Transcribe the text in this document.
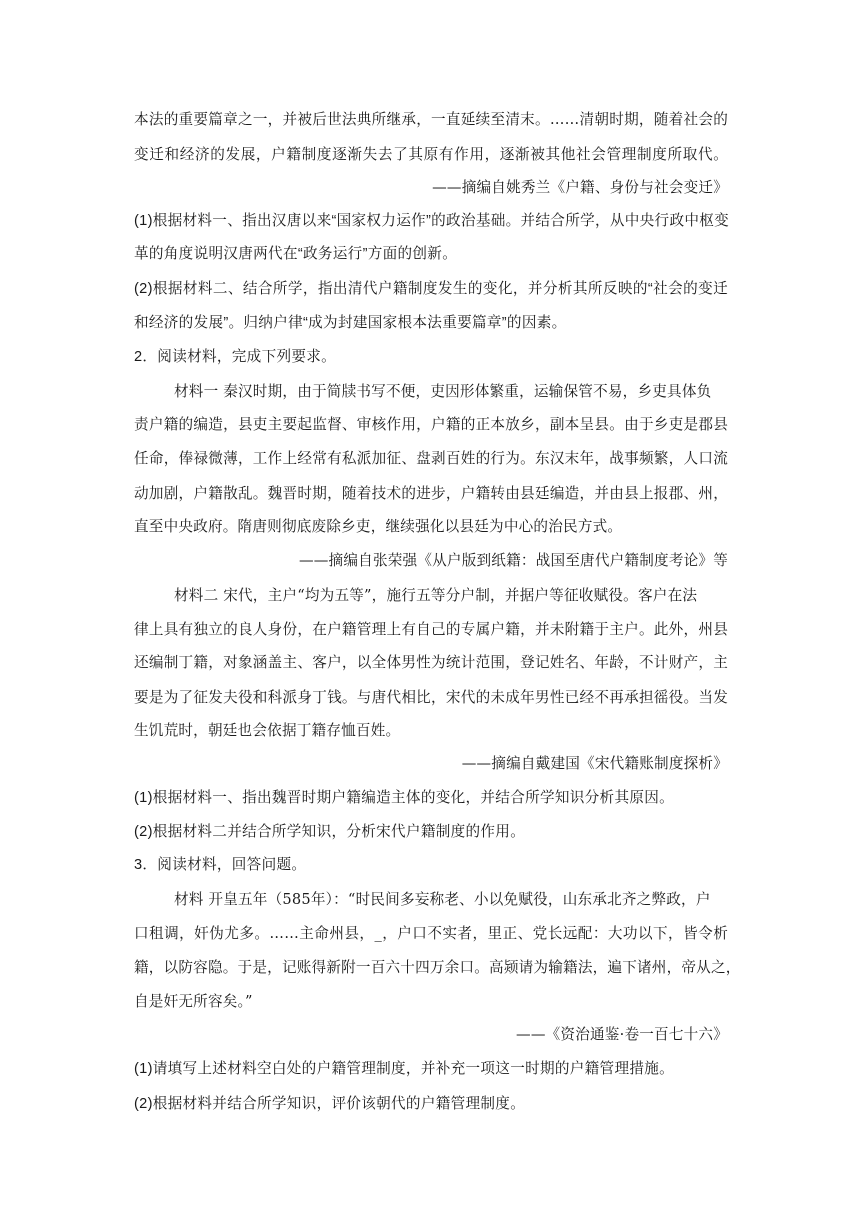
本法的重要篇章之一，并被后世法典所继承，一直延续至清末。……清朝时期，随着社会的
变迁和经济的发展，户籍制度逐渐失去了其原有作用，逐渐被其他社会管理制度所取代。
——摘编自姚秀兰《户籍、身份与社会变迁》
(1)根据材料一、指出汉唐以来“国家权力运作”的政治基础。并结合所学，从中央行政中枢变
革的角度说明汉唐两代在“政务运行”方面的创新。
(2)根据材料二、结合所学，指出清代户籍制度发生的变化，并分析其所反映的“社会的变迁
和经济的发展”。归纳户律“成为封建国家根本法重要篇章”的因素。
2．阅读材料，完成下列要求。
材料一 秦汉时期，由于简牍书写不便，吏因形体繁重，运输保管不易，乡吏具体负
责户籍的编造，县吏主要起监督、审核作用，户籍的正本放乡，副本呈县。由于乡吏是郡县
任命，俸禄微薄，工作上经常有私派加征、盘剥百姓的行为。东汉末年，战事频繁，人口流
动加剧，户籍散乱。魏晋时期，随着技术的进步，户籍转由县廷编造，并由县上报郡、州，
直至中央政府。隋唐则彻底废除乡吏，继续强化以县廷为中心的治民方式。
——摘编自张荣强《从户版到纸籍：战国至唐代户籍制度考论》等
材料二 宋代，主户“均为五等”，施行五等分户制，并据户等征收赋役。客户在法
律上具有独立的良人身份，在户籍管理上有自己的专属户籍，并未附籍于主户。此外，州县
还编制丁籍，对象涵盖主、客户，以全体男性为统计范围，登记姓名、年龄，不计财产，主
要是为了征发夫役和科派身丁钱。与唐代相比，宋代的未成年男性已经不再承担徭役。当发
生饥荒时，朝廷也会依据丁籍存恤百姓。
——摘编自戴建国《宋代籍账制度探析》
(1)根据材料一、指出魏晋时期户籍编造主体的变化，并结合所学知识分析其原因。
(2)根据材料二并结合所学知识，分析宋代户籍制度的作用。
3．阅读材料，回答问题。
材料 开皇五年（585年）：“时民间多妄称老、小以免赋役，山东承北齐之弊政，户
口租调，奸伪尤多。……主命州县，_，户口不实者，里正、党长远配：大功以下，皆令析
籍，以防容隐。于是，记账得新附一百六十四万余口。高颎请为输籍法，遍下诸州，帝从之，
自是奸无所容矣。”
——《资治通鉴·卷一百七十六》
(1)请填写上述材料空白处的户籍管理制度，并补充一项这一时期的户籍管理措施。
(2)根据材料并结合所学知识，评价该朝代的户籍管理制度。
